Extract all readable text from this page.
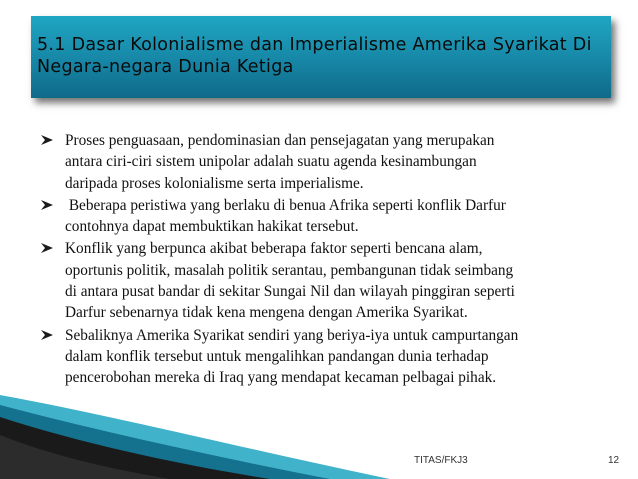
5.1 Dasar Kolonialisme dan Imperialisme Amerika Syarikat Di
Negara-negara Dunia Ketiga
Proses penguasaan, pendominasian dan pensejagatan yang merupakan
antara ciri-ciri sistem unipolar adalah suatu agenda kesinambungan
daripada proses kolonialisme serta imperialisme.
Beberapa peristiwa yang berlaku di benua Afrika seperti konflik Darfur
contohnya dapat membuktikan hakikat tersebut.
Konflik yang berpunca akibat beberapa faktor seperti bencana alam,
oportunis politik, masalah politik serantau, pembangunan tidak seimbang
di antara pusat bandar di sekitar Sungai Nil dan wilayah pinggiran seperti
Darfur sebenarnya tidak kena mengena dengan Amerika Syarikat.
Sebaliknya Amerika Syarikat sendiri yang beriya-iya untuk campurtangan
dalam konflik tersebut untuk mengalihkan pandangan dunia terhadap
pencerobohan mereka di Iraq yang mendapat kecaman pelbagai pihak.
TITAS/FKJ3	12
